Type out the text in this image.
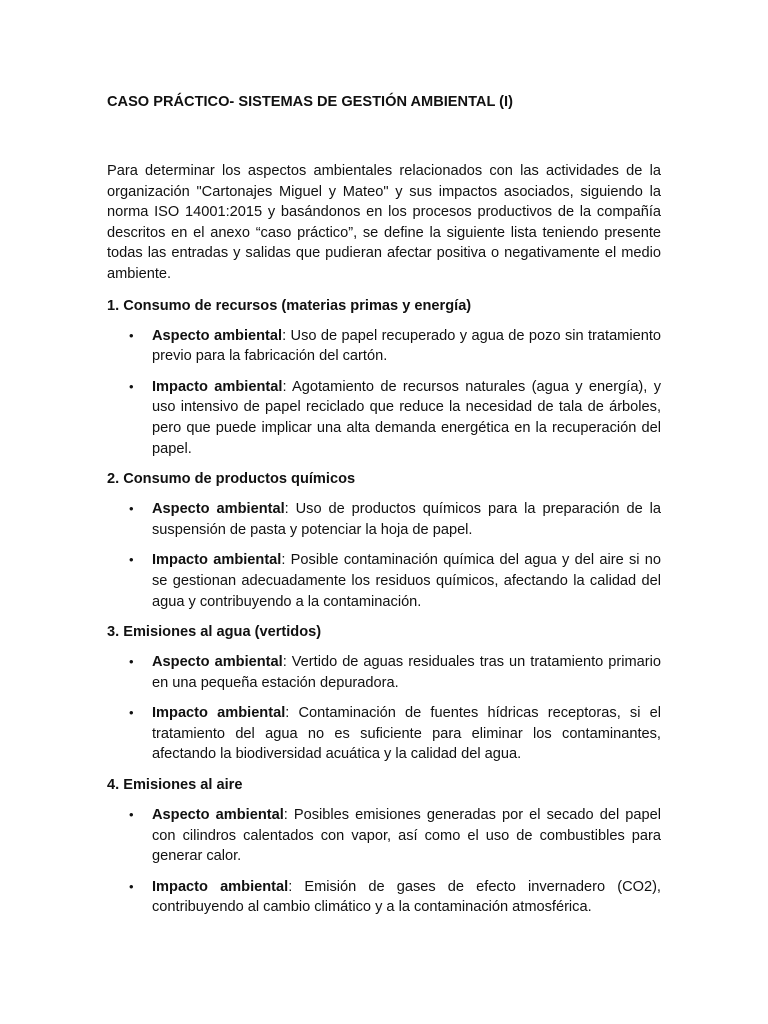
CASO PRÁCTICO- SISTEMAS DE GESTIÓN AMBIENTAL (I)

Para determinar los aspectos ambientales relacionados con las actividades de la organización "Cartonajes Miguel y Mateo" y sus impactos asociados, siguiendo la norma ISO 14001:2015 y basándonos en los procesos productivos de la compañía descritos en el anexo “caso práctico”, se define la siguiente lista teniendo presente todas las entradas y salidas que pudieran afectar positiva o negativamente el medio ambiente.

1. Consumo de recursos (materias primas y energía)
• Aspecto ambiental: Uso de papel recuperado y agua de pozo sin tratamiento previo para la fabricación del cartón.
• Impacto ambiental: Agotamiento de recursos naturales (agua y energía), y uso intensivo de papel reciclado que reduce la necesidad de tala de árboles, pero que puede implicar una alta demanda energética en la recuperación del papel.
2. Consumo de productos químicos
• Aspecto ambiental: Uso de productos químicos para la preparación de la suspensión de pasta y potenciar la hoja de papel.
• Impacto ambiental: Posible contaminación química del agua y del aire si no se gestionan adecuadamente los residuos químicos, afectando la calidad del agua y contribuyendo a la contaminación.
3. Emisiones al agua (vertidos)
• Aspecto ambiental: Vertido de aguas residuales tras un tratamiento primario en una pequeña estación depuradora.
• Impacto ambiental: Contaminación de fuentes hídricas receptoras, si el tratamiento del agua no es suficiente para eliminar los contaminantes, afectando la biodiversidad acuática y la calidad del agua.
4. Emisiones al aire
• Aspecto ambiental: Posibles emisiones generadas por el secado del papel con cilindros calentados con vapor, así como el uso de combustibles para generar calor.
• Impacto ambiental: Emisión de gases de efecto invernadero (CO2), contribuyendo al cambio climático y a la contaminación atmosférica.
